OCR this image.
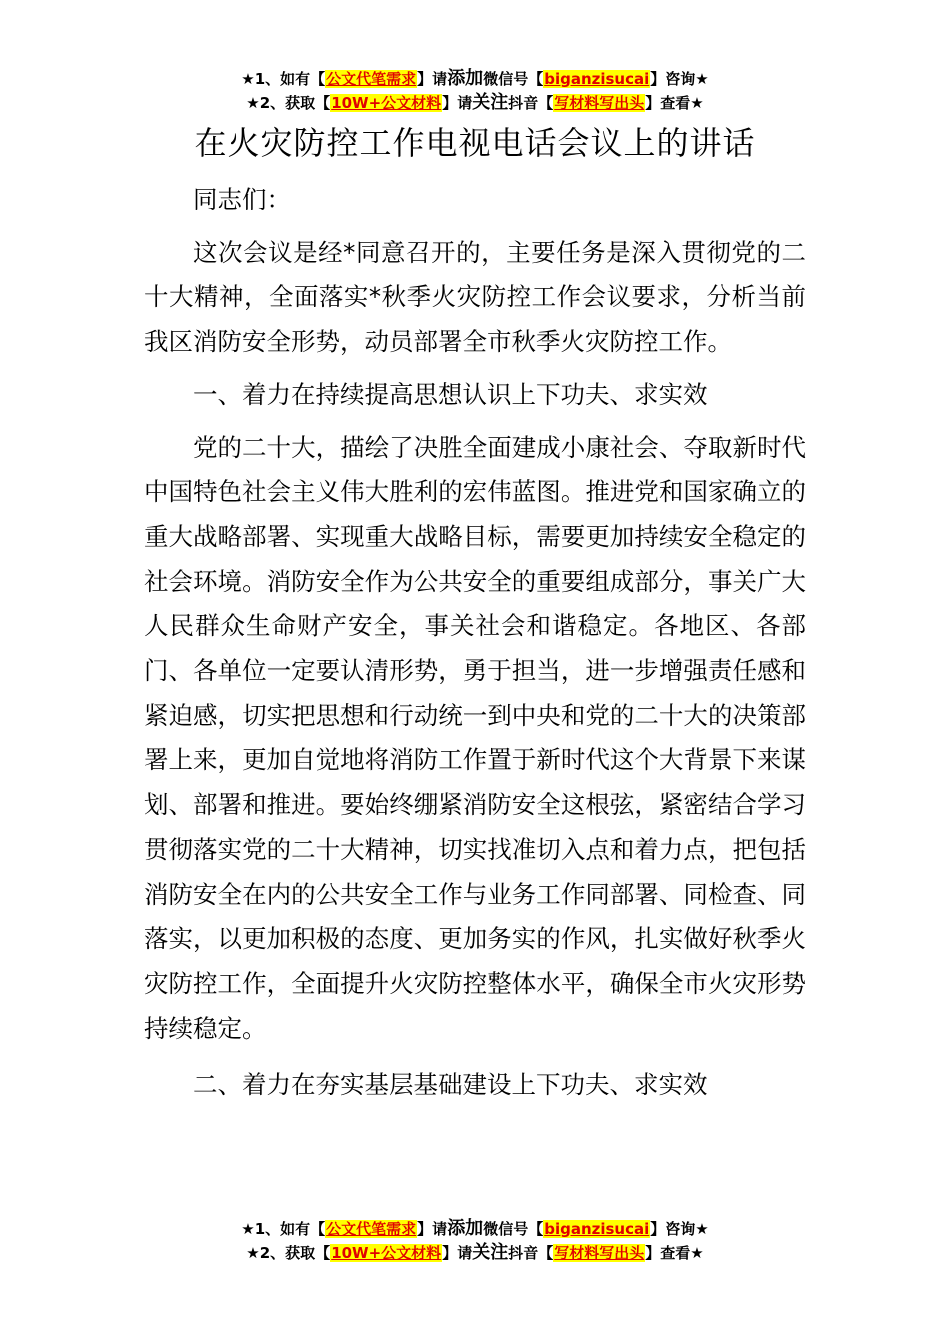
★1、如有【公文代笔需求】请添加微信号【biganzisucai】咨询★
★2、获取【10W+公文材料】请关注抖音【写材料写出头】查看★
在火灾防控工作电视电话会议上的讲话

同志们：

这次会议是经*同意召开的，主要任务是深入贯彻党的二十大精神，全面落实*秋季火灾防控工作会议要求，分析当前我区消防安全形势，动员部署全市秋季火灾防控工作。

一、着力在持续提高思想认识上下功夫、求实效

党的二十大，描绘了决胜全面建成小康社会、夺取新时代中国特色社会主义伟大胜利的宏伟蓝图。推进党和国家确立的重大战略部署、实现重大战略目标，需要更加持续安全稳定的社会环境。消防安全作为公共安全的重要组成部分，事关广大人民群众生命财产安全，事关社会和谐稳定。各地区、各部门、各单位一定要认清形势，勇于担当，进一步增强责任感和紧迫感，切实把思想和行动统一到中央和党的二十大的决策部署上来，更加自觉地将消防工作置于新时代这个大背景下来谋划、部署和推进。要始终绷紧消防安全这根弦，紧密结合学习贯彻落实党的二十大精神，切实找准切入点和着力点，把包括消防安全在内的公共安全工作与业务工作同部署、同检查、同落实，以更加积极的态度、更加务实的作风，扎实做好秋季火灾防控工作，全面提升火灾防控整体水平，确保全市火灾形势持续稳定。

二、着力在夯实基层基础建设上下功夫、求实效

★1、如有【公文代笔需求】请添加微信号【biganzisucai】咨询★
★2、获取【10W+公文材料】请关注抖音【写材料写出头】查看★
